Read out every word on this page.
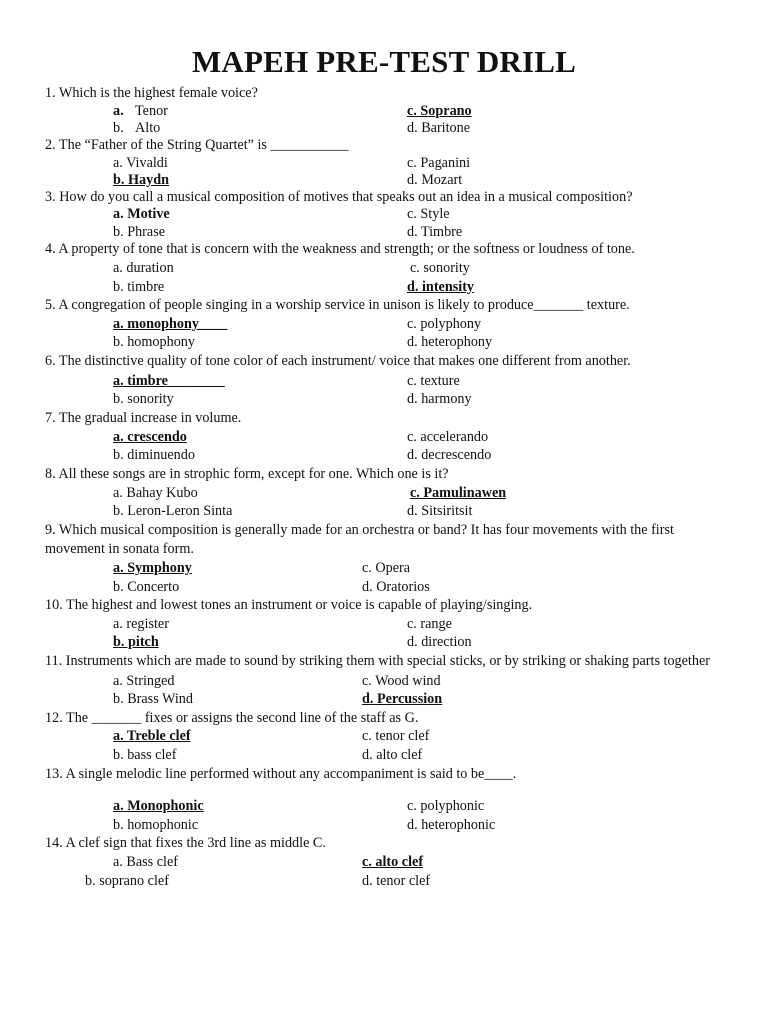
MAPEH PRE-TEST DRILL
1. Which is the highest female voice?
a. Tenor
b. Alto
c. Soprano
d. Baritone
2. The “Father of the String Quartet” is ___________
a. Vivaldi
b. Haydn
c. Paganini
d. Mozart
3. How do you call a musical composition of motives that speaks out an idea in a musical composition?
a. Motive
b. Phrase
c. Style
d. Timbre
4. A property of tone that is concern with the weakness and strength; or the softness or loudness of tone.
a. duration
b. timbre
c. sonority
d. intensity
5. A congregation of people singing in a worship service in unison is likely to produce_______ texture.
a. monophony____
b. homophony
c. polyphony
d. heterophony
6. The distinctive quality of tone color of each instrument/ voice that makes one different from another.
a. timbre________
b. sonority
c. texture
d. harmony
7. The gradual increase in volume.
a. crescendo
b. diminuendo
c. accelerando
d. decrescendo
8. All these songs are in strophic form, except for one. Which one is it?
a. Bahay Kubo
b. Leron-Leron Sinta
c. Pamulinawen
d. Sitsiritsit
9. Which musical composition is generally made for an orchestra or band? It has four movements with the first movement in sonata form.
a. Symphony
b. Concerto
c. Opera
d. Oratorios
10. The highest and lowest tones an instrument or voice is capable of playing/singing.
a. register
b. pitch
c. range
d. direction
11. Instruments which are made to sound by striking them with special sticks, or by striking or shaking parts together
a. Stringed
b. Brass Wind
c. Wood wind
d. Percussion
12. The _______ fixes or assigns the second line of the staff as G.
a. Treble clef
b. bass clef
c. tenor clef
d. alto clef
13. A single melodic line performed without any accompaniment is said to be____.
a. Monophonic
b. homophonic
c. polyphonic
d. heterophonic
14. A clef sign that fixes the 3rd line as middle C.
a. Bass clef
b. soprano clef
c. alto clef
d. tenor clef
